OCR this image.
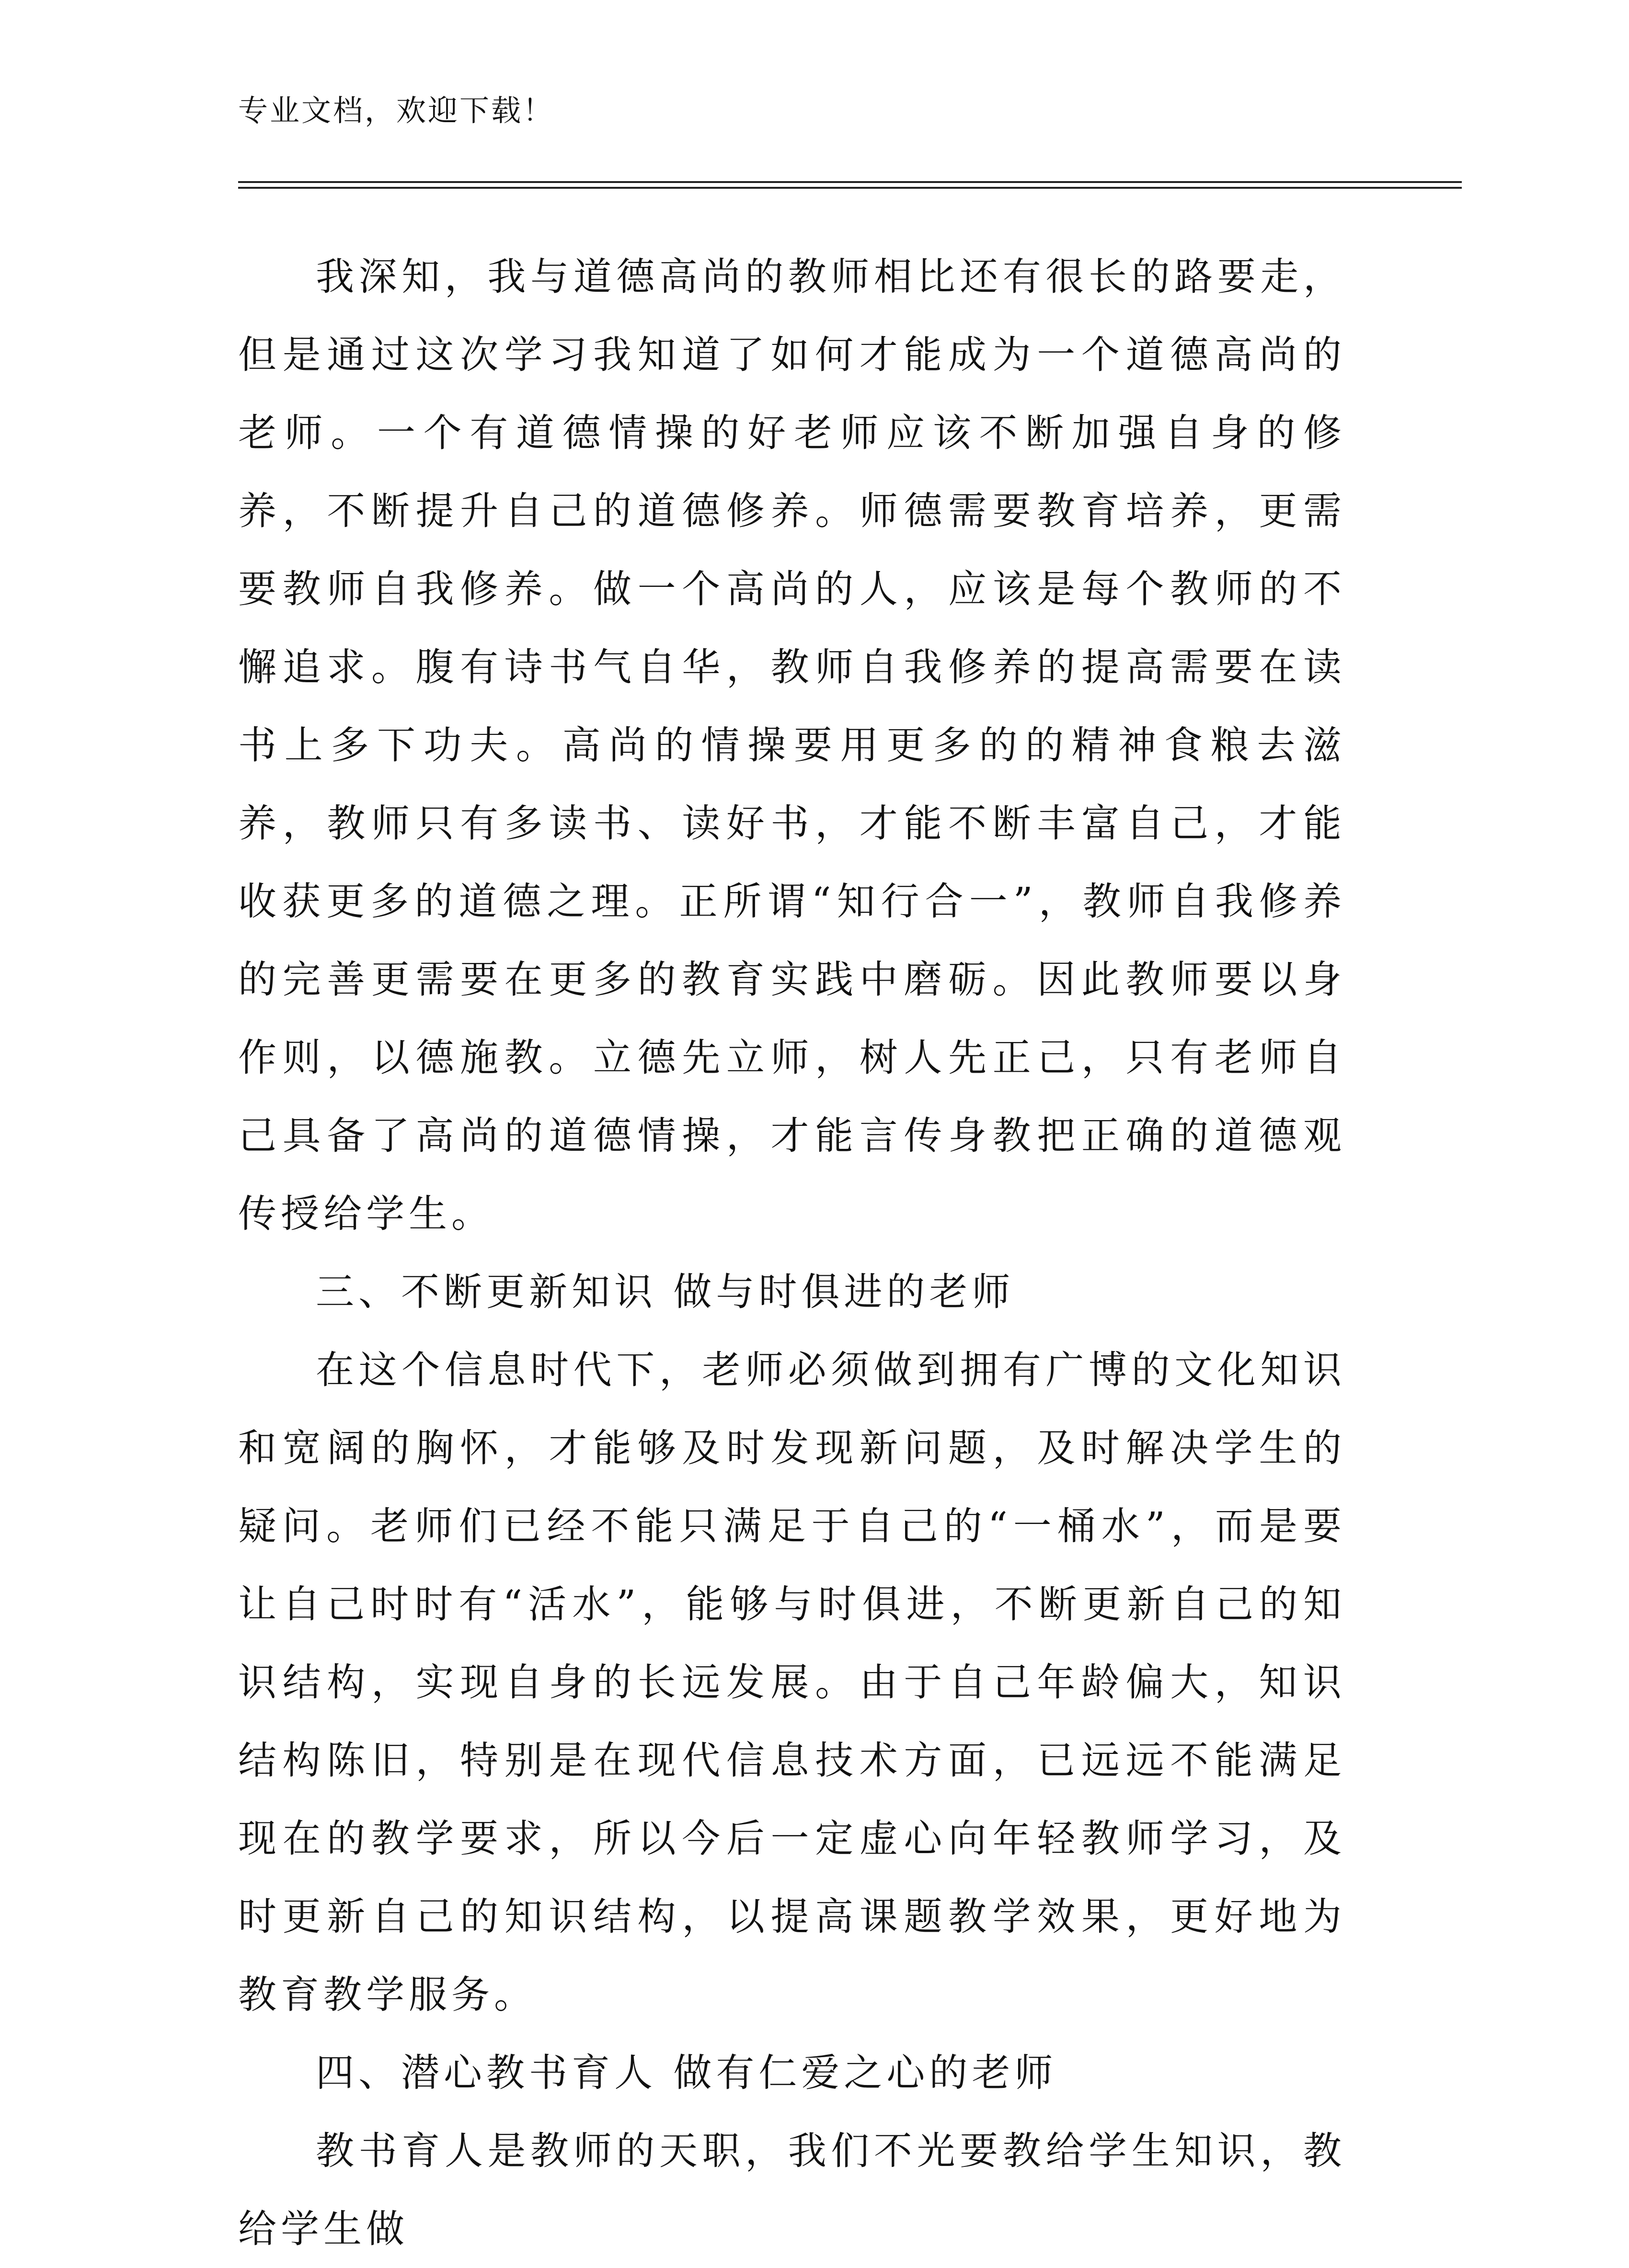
专业文档，欢迎下载！

我深知，我与道德高尚的教师相比还有很长的路要走，但是通过这次学习我知道了如何才能成为一个道德高尚的老师。一个有道德情操的好老师应该不断加强自身的修养，不断提升自己的道德修养。师德需要教育培养，更需要教师自我修养。做一个高尚的人，应该是每个教师的不懈追求。腹有诗书气自华，教师自我修养的提高需要在读书上多下功夫。高尚的情操要用更多的的精神食粮去滋养，教师只有多读书、读好书，才能不断丰富自己，才能收获更多的道德之理。正所谓“知行合一”，教师自我修养的完善更需要在更多的教育实践中磨砺。因此教师要以身作则，以德施教。立德先立师，树人先正己，只有老师自己具备了高尚的道德情操，才能言传身教把正确的道德观传授给学生。

三、不断更新知识 做与时俱进的老师

在这个信息时代下，老师必须做到拥有广博的文化知识和宽阔的胸怀，才能够及时发现新问题，及时解决学生的疑问。老师们已经不能只满足于自己的“一桶水”，而是要让自己时时有“活水”，能够与时俱进，不断更新自己的知识结构，实现自身的长远发展。由于自己年龄偏大，知识结构陈旧，特别是在现代信息技术方面，已远远不能满足现在的教学要求，所以今后一定虚心向年轻教师学习，及时更新自己的知识结构，以提高课题教学效果，更好地为教育教学服务。

四、潜心教书育人 做有仁爱之心的老师

教书育人是教师的天职，我们不光要教给学生知识，教给学生做
